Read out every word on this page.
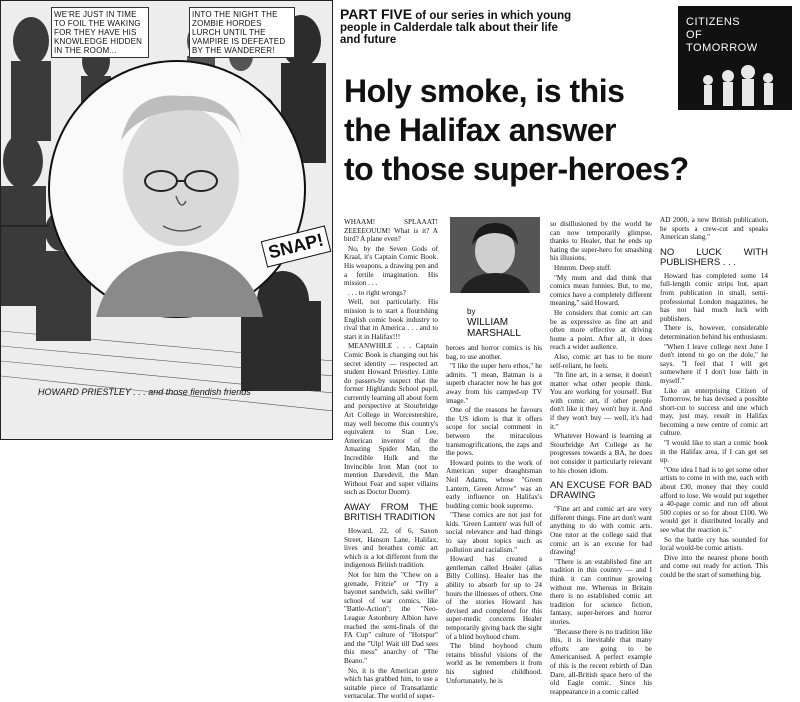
WE'RE JUST IN TIME TO FOIL THE WAKING FOR THEY HAVE HIS KNOWLEDGE HIDDEN IN THE ROOM...
INTO THE NIGHT THE ZOMBIE HORDES LURCH UNTIL THE VAMPIRE IS DEFEATED BY THE WANDERER!
SNAP!
HOWARD PRIESTLEY . . . and those fiendish friends
PART FIVE of our series in which young people in Calderdale talk about their life and future
CITIZENS
OF
TOMORROW
Holy smoke, is this
the Halifax answer
to those super-heroes?
by
WILLIAM
MARSHALL

WHAAM! SPLAAAT! ZEEEEOUUM! What is it? A bird? A plane even?

No, by the Seven Gods of Kraal, it's Captain Comic Book. His weapons, a drawing pen and a fertile imagination. His mission . . .

. . . to right wrongs?

Well, not particularly. His mission is to start a flourishing English comic book industry to rival that in America . . . and to start it in Halifax!!!

MEANWHILE . . . Captain Comic Book is changing out his secret identity — respected art student Howard Priestley. Little do passers-by suspect that the former Highlands School pupil, currently learning all about form and perspective at Stourbridge Art College in Worcestershire, may well become this country's equivalent to Stan Lee, American inventor of the Amazing Spider Man, the Incredible Hulk and the Invincible Iron Man (not to mention Daredevil, the Man Without Fear and super villains such as Doctor Doom).

AWAY FROM THE BRITISH TRADITION

Howard, 22, of 6, Saxon Street, Hanson Lane, Halifax, lives and breathes comic art which is a lot different from the indigenous British tradition.

Not for him the "Chew on a grenade, Fritzie" or "Try a bayonet sandwich, saki swiller" school of war comics, like "Battle-Action"; the "Neo-League Astonbury Albion have reached the semi-finals of the FA Cup" culture of "Hotspur" and the "Ulp! Wait till Dad sees this mess" anarchy of "The Beano."

No, it is the American genre which has grabbed him, to use a suitable piece of Transatlantic vernacular. The world of super-

heroes and horror comics is his bag, to use another.

"I like the super hero ethos," he admits. "I mean, Batman is a superb character now he has got away from his camped-up TV image."

One of the reasons he favours the US idiom is that it offers scope for social comment in between the miraculous transmogrifications, the zaps and the pows.

Howard points to the work of American super draughtsman Neil Adams, whose "Green Lantern, Green Arrow" was an early influence on Halifax's budding comic book supremo.

"These comics are not just for kids. 'Green Lantern' was full of social relevance and had things to say about topics such as pollution and racialism."

Howard has created a gentleman called Healer (alias Billy Collins). Healer has the ability to absorb for up to 24 hours the illnesses of others. One of the stories Howard has devised and completed for this super-medic concerns Healer temporarily giving back the sight of a blind boyhood chum.

The blind boyhood chum retains blissful visions of the world as he remembers it from his sighted childhood. Unfortunately, he is

so disillusioned by the world he can now temporarily glimpse, thanks to Healer, that he ends up hating the super-hero for smashing his illusions.

Hmmm. Deep stuff.

"My mum and dad think that comics mean funnies. But, to me, comics have a completely different meaning," said Howard.

He considers that comic art can be as expressive as fine art and often more effective at driving home a point. After all, it does reach a wider audience.

Also, comic art has to be more self-reliant, he feels.

"In fine art, in a sense, it doesn't matter what other people think. You are working for yourself. But with comic art, if other people don't like it they won't buy it. And if they won't buy — well, it's had it."

Whatever Howard is learning at Stourbridge Art College as he progresses towards a BA, he does not consider it particularly relevant to his chosen idiom.

AN EXCUSE FOR BAD DRAWING

"Fine art and comic art are very different things. Fine art don't want anything to do with comic arts. One tutor at the college said that comic art is an excuse for bad drawing!

"There is an established fine art tradition in this country — and I think it can continue growing without me. Whereas in Britain there is no established comic art tradition for science fiction, fantasy, super-heroes and horror stories.

"Because there is no tradition like this, it is inevitable that many efforts are going to be Americanised. A perfect example of this is the recent rebirth of Dan Dare, all-British space hero of the old Eagle comic. Since his reappearance in a comic called

AD 2000, a new British publication, he sports a crew-cut and speaks American slang."

NO LUCK WITH PUBLISHERS . . .

Howard has completed some 14 full-length comic strips but, apart from publication in small, semi-professional London magazines, he has not had much luck with publishers.

There is, however, considerable determination behind his enthusiasm.

"When I leave college next June I don't intend to go on the dole," he says. "I feel that I will get somewhere if I don't lose faith in myself."

Like an enterprising Citizen of Tomorrow, he has devised a possible short-cut to success and one which may, just may, result in Halifax becoming a new centre of comic art culture.

"I would like to start a comic book in the Halifax area, if I can get set up.

"One idea I had is to get some other artists to come in with me, each with about £30, money that they could afford to lose. We would put together a 40-page comic and run off about 500 copies or so for about £100. We would get it distributed locally and see what the reaction is."

So the battle cry has sounded for local would-be comic artists.

Dive into the nearest phone booth and come out ready for action. This could be the start of something big.
